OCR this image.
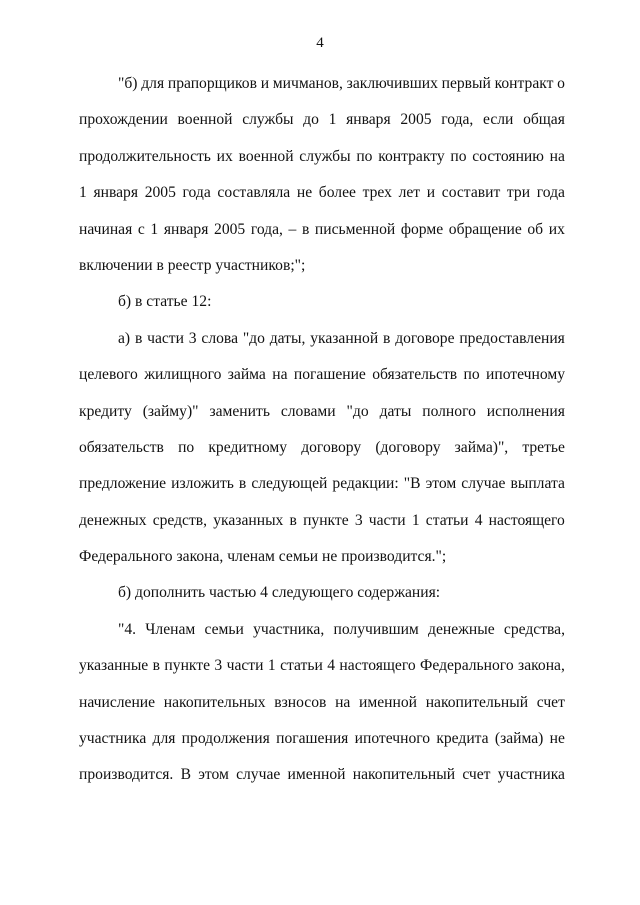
4
"б) для прапорщиков и мичманов, заключивших первый контракт о
прохождении военной службы до 1 января 2005 года, если общая
продолжительность их военной службы по контракту по состоянию на
1 января 2005 года составляла не более трех лет и составит три года
начиная с 1 января 2005 года, – в письменной форме обращение об их
включении в реестр участников;";
б) в статье 12:
а) в части 3 слова "до даты, указанной в договоре предоставления
целевого жилищного займа на погашение обязательств по ипотечному
кредиту (займу)" заменить словами "до даты полного исполнения
обязательств по кредитному договору (договору займа)", третье
предложение изложить в следующей редакции: "В этом случае выплата
денежных средств, указанных в пункте 3 части 1 статьи 4 настоящего
Федерального закона, членам семьи не производится.";
б) дополнить частью 4 следующего содержания:
"4. Членам семьи участника, получившим денежные средства,
указанные в пункте 3 части 1 статьи 4 настоящего Федерального закона,
начисление накопительных взносов на именной накопительный счет
участника для продолжения погашения ипотечного кредита (займа) не
производится. В этом случае именной накопительный счет участника
